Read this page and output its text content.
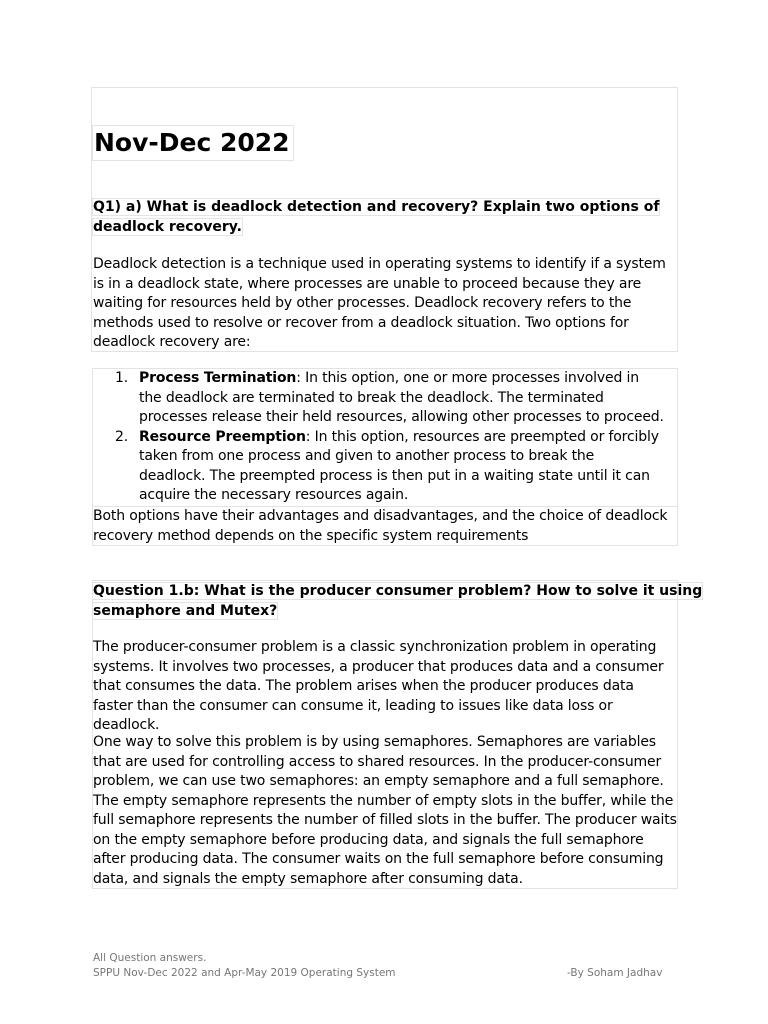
Nov-Dec 2022
Q1) a) What is deadlock detection and recovery? Explain two options of
deadlock recovery.

Deadlock detection is a technique used in operating systems to identify if a system is in a deadlock state, where processes are unable to proceed because they are waiting for resources held by other processes. Deadlock recovery refers to the methods used to resolve or recover from a deadlock situation. Two options for deadlock recovery are:

1. Process Termination: In this option, one or more processes involved in the deadlock are terminated to break the deadlock. The terminated processes release their held resources, allowing other processes to proceed.
2. Resource Preemption: In this option, resources are preempted or forcibly taken from one process and given to another process to break the deadlock. The preempted process is then put in a waiting state until it can acquire the necessary resources again.

Both options have their advantages and disadvantages, and the choice of deadlock recovery method depends on the specific system requirements

Question 1.b: What is the producer consumer problem? How to solve it using
semaphore and Mutex?

The producer-consumer problem is a classic synchronization problem in operating systems. It involves two processes, a producer that produces data and a consumer that consumes the data. The problem arises when the producer produces data faster than the consumer can consume it, leading to issues like data loss or deadlock.

One way to solve this problem is by using semaphores. Semaphores are variables that are used for controlling access to shared resources. In the producer-consumer problem, we can use two semaphores: an empty semaphore and a full semaphore. The empty semaphore represents the number of empty slots in the buffer, while the full semaphore represents the number of filled slots in the buffer. The producer waits on the empty semaphore before producing data, and signals the full semaphore after producing data. The consumer waits on the full semaphore before consuming data, and signals the empty semaphore after consuming data.

All Question answers.
SPPU Nov-Dec 2022 and Apr-May 2019 Operating System	-By Soham Jadhav
